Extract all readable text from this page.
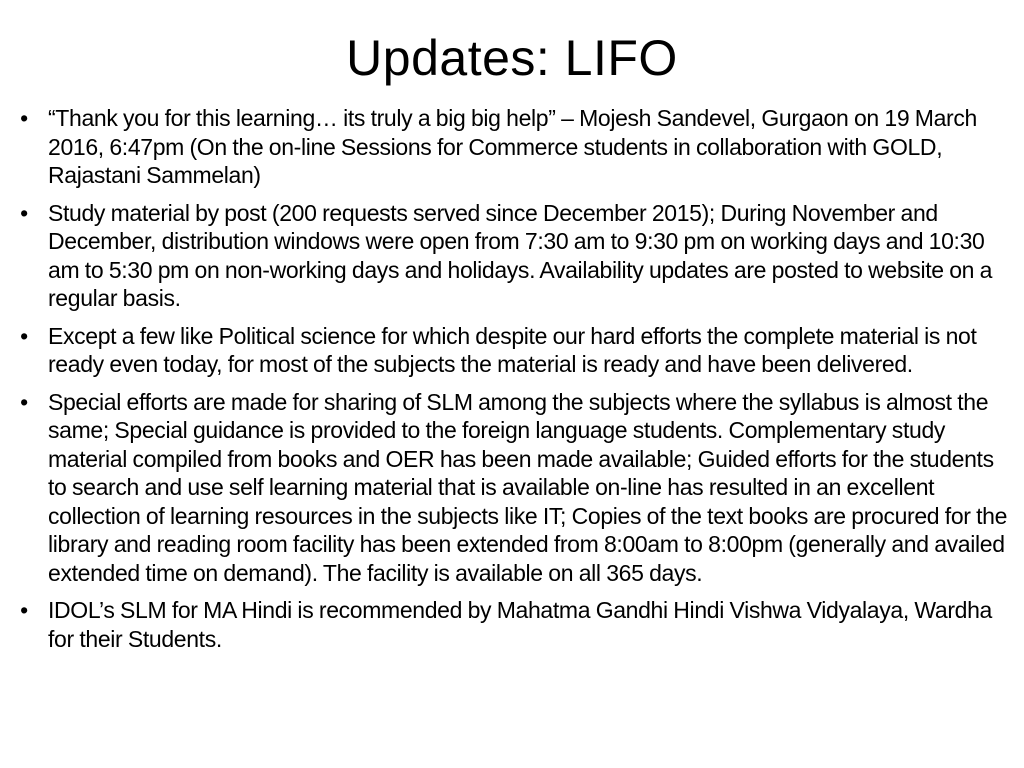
Updates: LIFO
• “Thank you for this learning… its truly a big big help” – Mojesh Sandevel, Gurgaon on 19 March 2016, 6:47pm (On the on-line Sessions for Commerce students in collaboration with GOLD, Rajastani Sammelan)
• Study material by post (200 requests served since December 2015); During November and December, distribution windows were open from 7:30 am to 9:30 pm on working days and 10:30 am to 5:30 pm on non-working days and holidays. Availability updates are posted to website on a regular basis.
• Except a few like Political science for which despite our hard efforts the complete material is not ready even today, for most of the subjects the material is ready and have been delivered.
• Special efforts are made for sharing of SLM among the subjects where the syllabus is almost the same; Special guidance is provided to the foreign language students. Complementary study material compiled from books and OER has been made available; Guided efforts for the students to search and use self learning material that is available on-line has resulted in an excellent collection of learning resources in the subjects like IT; Copies of the text books are procured for the library and reading room facility has been extended from 8:00am to 8:00pm (generally and availed extended time on demand). The facility is available on all 365 days.
• IDOL’s SLM for MA Hindi is recommended by Mahatma Gandhi Hindi Vishwa Vidyalaya, Wardha for their Students.
